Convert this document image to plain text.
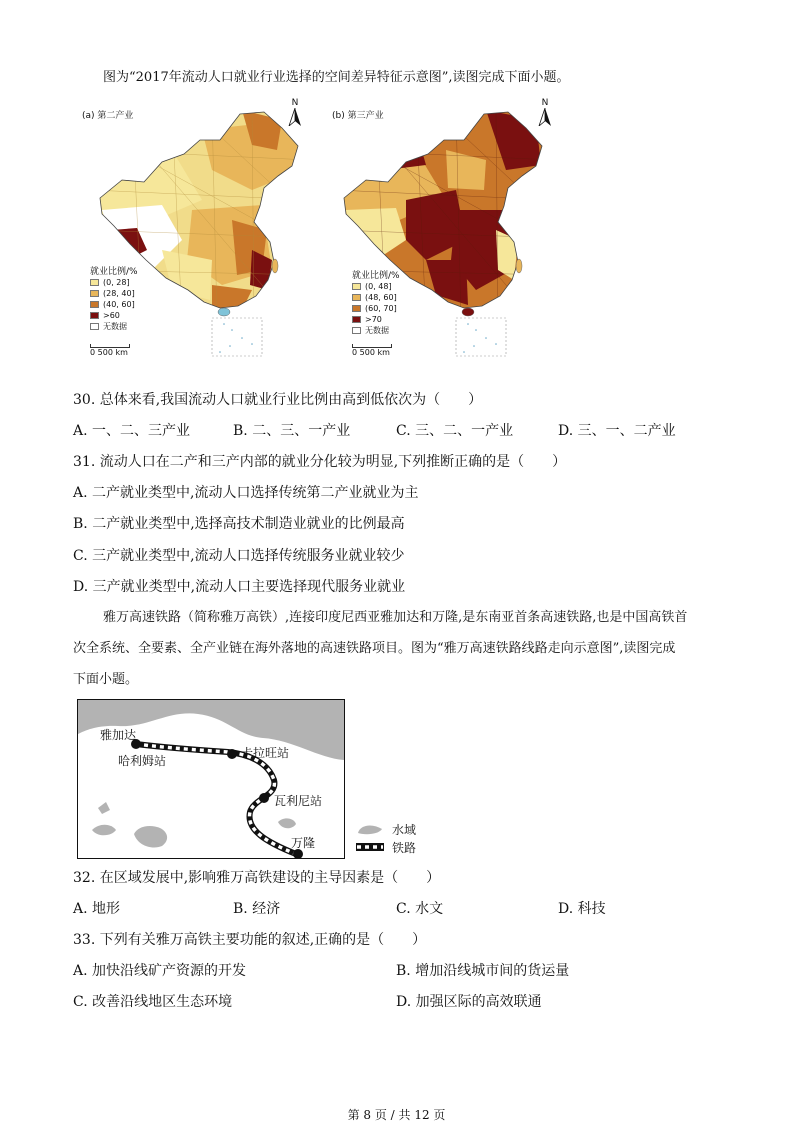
图为“2017年流动人口就业行业选择的空间差异特征示意图”,读图完成下面小题。
(a) 第二产业
N
就业比例/%
(0, 28]
(28, 40]
(40, 60]
>60
无数据
0 500 km
(b) 第三产业
N
就业比例/%
(0, 48]
(48, 60]
(60, 70]
>70
无数据
0 500 km
30. 总体来看,我国流动人口就业行业比例由高到低依次为（　　）
A. 一、二、三产业	B. 二、三、一产业	C. 三、二、一产业	D. 三、一、二产业
31. 流动人口在二产和三产内部的就业分化较为明显,下列推断正确的是（　　）
A. 二产就业类型中,流动人口选择传统第二产业就业为主
B. 二产就业类型中,选择高技术制造业就业的比例最高
C. 三产就业类型中,流动人口选择传统服务业就业较少
D. 三产就业类型中,流动人口主要选择现代服务业就业
雅万高速铁路（简称雅万高铁）,连接印度尼西亚雅加达和万隆,是东南亚首条高速铁路,也是中国高铁首
次全系统、全要素、全产业链在海外落地的高速铁路项目。图为“雅万高速铁路线路走向示意图”,读图完成
下面小题。
雅加达
哈利姆站
卡拉旺站
瓦利尼站
万隆
水域
铁路
32. 在区域发展中,影响雅万高铁建设的主导因素是（　　）
A. 地形	B. 经济	C. 水文	D. 科技
33. 下列有关雅万高铁主要功能的叙述,正确的是（　　）
A. 加快沿线矿产资源的开发	B. 增加沿线城市间的货运量
C. 改善沿线地区生态环境	D. 加强区际的高效联通
第 8 页 / 共 12 页
